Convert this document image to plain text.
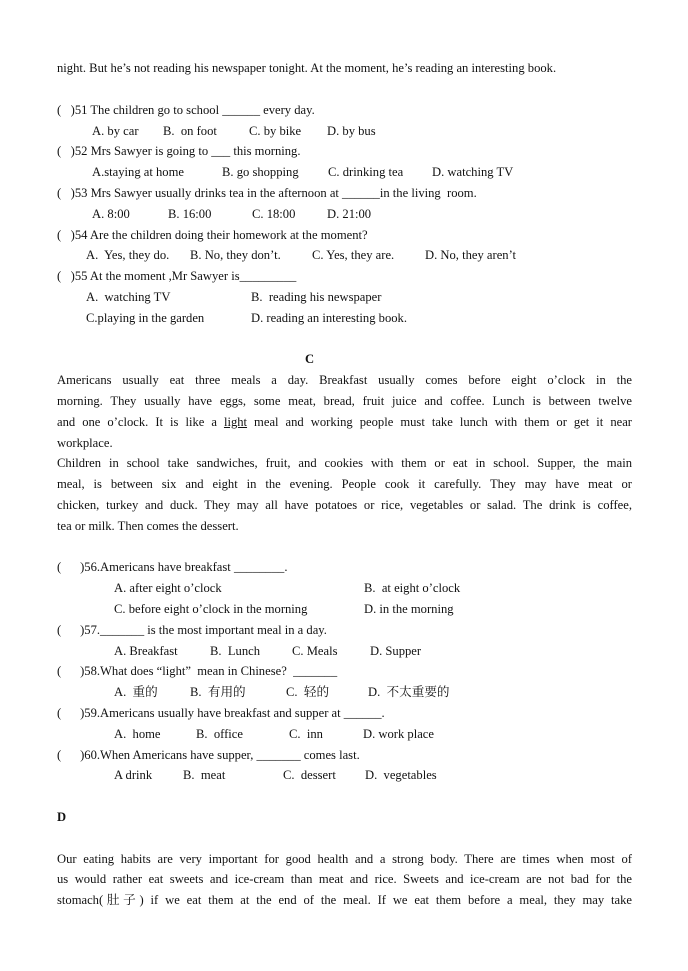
night. But he’s not reading his newspaper tonight. At the moment, he’s reading an interesting book.
(   )51 The children go to school ______ every day.
A. by car B.  on foot	C. by bike D. by bus
(   )52 Mrs Sawyer is going to ___ this morning.
A.staying at home	B. go shopping C. drinking tea D. watching TV
(   )53 Mrs Sawyer usually drinks tea in the afternoon at ______in the living  room.
A. 8:00	B. 16:00	C. 18:00	D. 21:00
(   )54 Are the children doing their homework at the moment?
A.  Yes, they do. B. No, they don’t. C. Yes, they are. D. No, they aren’t
(   )55 At the moment ,Mr Sawyer is_________
A.  watching TV	B.  reading his newspaper
C.playing in the garden	D. reading an interesting book.
C
Americans usually eat three meals a day. Breakfast usually comes before eight o’clock in the
morning. They usually have eggs, some meat, bread, fruit juice and coffee. Lunch is between twelve
and one o’clock. It is like a light meal and working people must take lunch with them or get it near
workplace.
Children in school take sandwiches, fruit, and cookies with them or eat in school. Supper, the main
meal, is between six and eight in the evening. People cook it carefully. They may have meat or
chicken, turkey and duck. They may all have potatoes or rice, vegetables or salad. The drink is coffee,
tea or milk. Then comes the dessert.
(      )56.Americans have breakfast ________.
A. after eight o’clock	B.  at eight o’clock
C. before eight o’clock in the morning	D. in the morning
(      )57._______ is the most important meal in a day.
A. Breakfast	B.  Lunch	C. Meals	D. Supper
(      )58.What does “light”  mean in Chinese?  _______
A.  重的	B.  有用的	C.  轻的	D.  不太重要的
(      )59.Americans usually have breakfast and supper at ______.
A.  home	B.  office	C.  inn	D. work place
(      )60.When Americans have supper, _______ comes last.
A drink B.  meat	C.  dessert D.  vegetables
D
Our eating habits are very important for good health and a strong body. There are times when most of
us would rather eat sweets and ice-cream than meat and rice. Sweets and ice-cream are not bad for the
stomach(肚子) if we eat them at the end of the meal. If we eat them before a meal, they may take
